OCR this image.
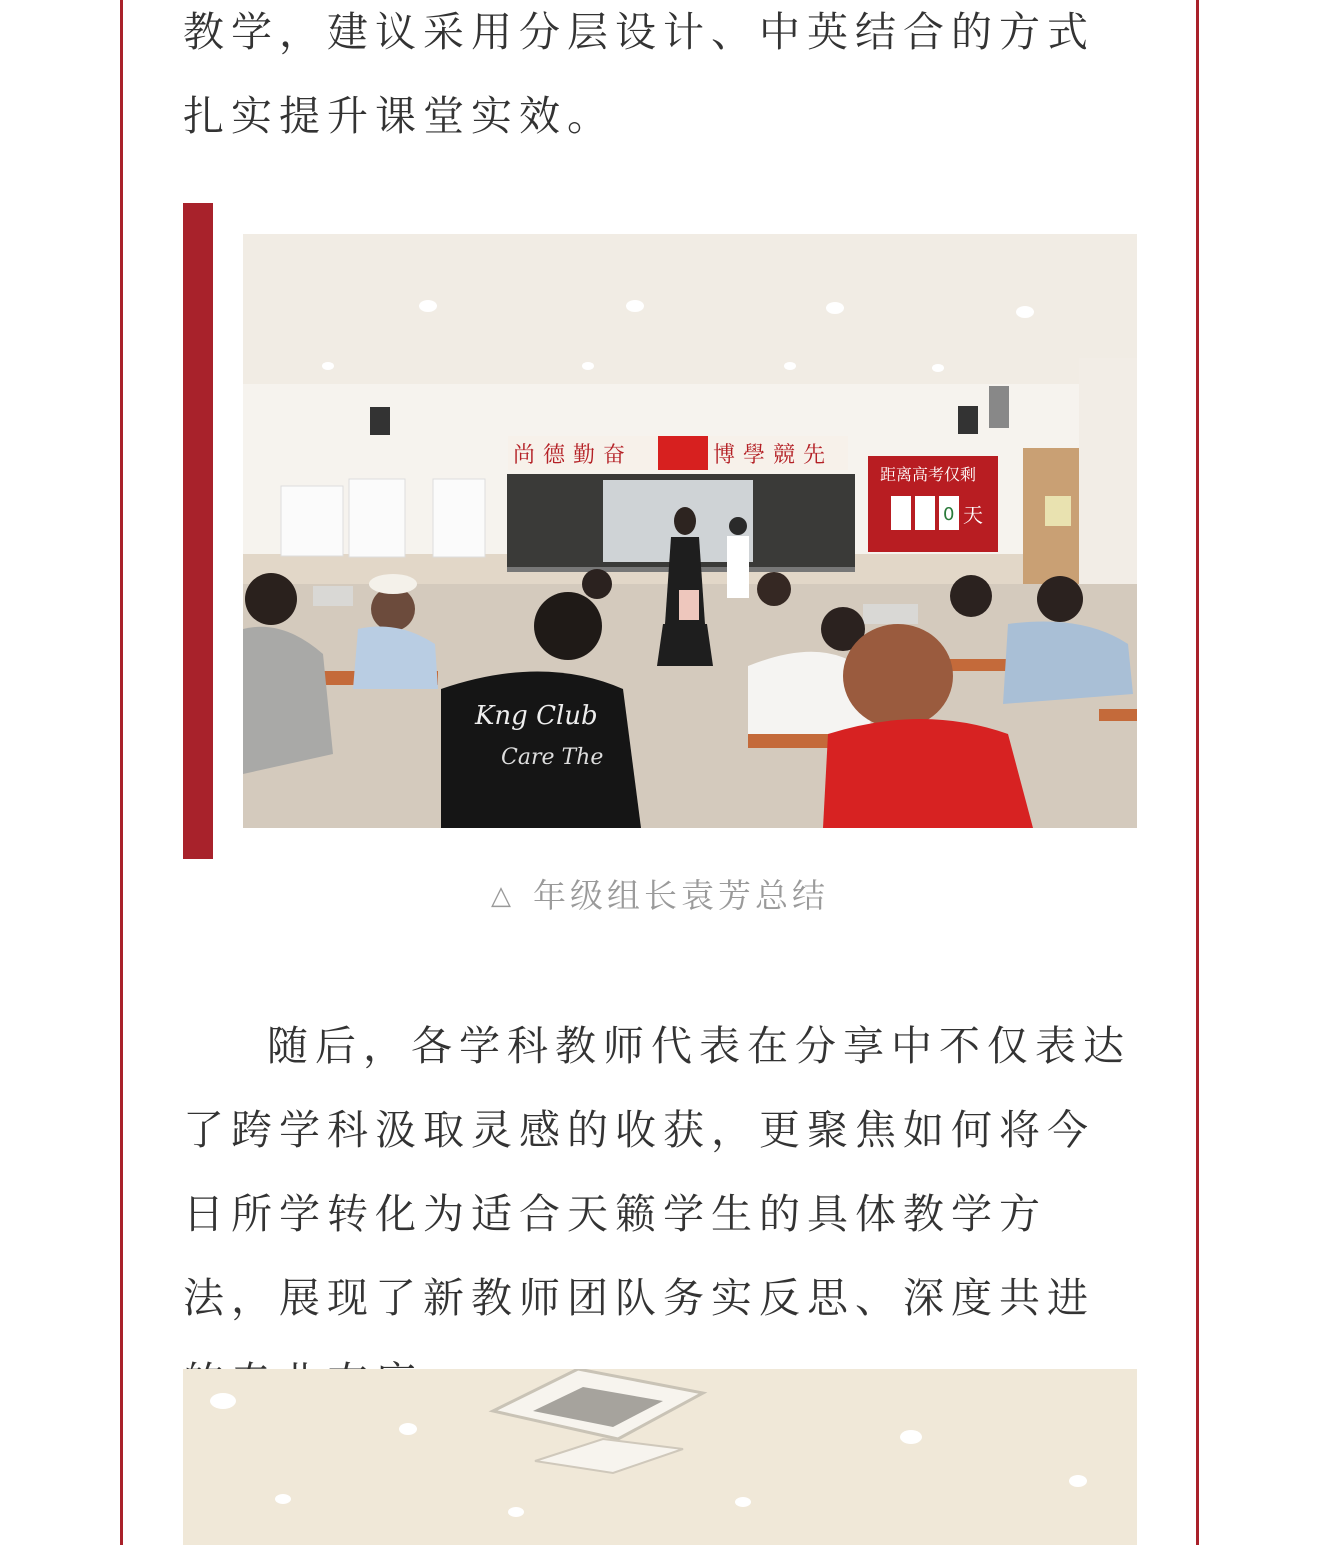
教学，建议采用分层设计、中英结合的方式扎实提升课堂实效。

尚德勤奋	博學競先
距离高考仅剩
0 天
Kng Club
Care The
△ 年级组长袁芳总结

随后，各学科教师代表在分享中不仅表达了跨学科汲取灵感的收获，更聚焦如何将今日所学转化为适合天籁学生的具体教学方法，展现了新教师团队务实反思、深度共进
